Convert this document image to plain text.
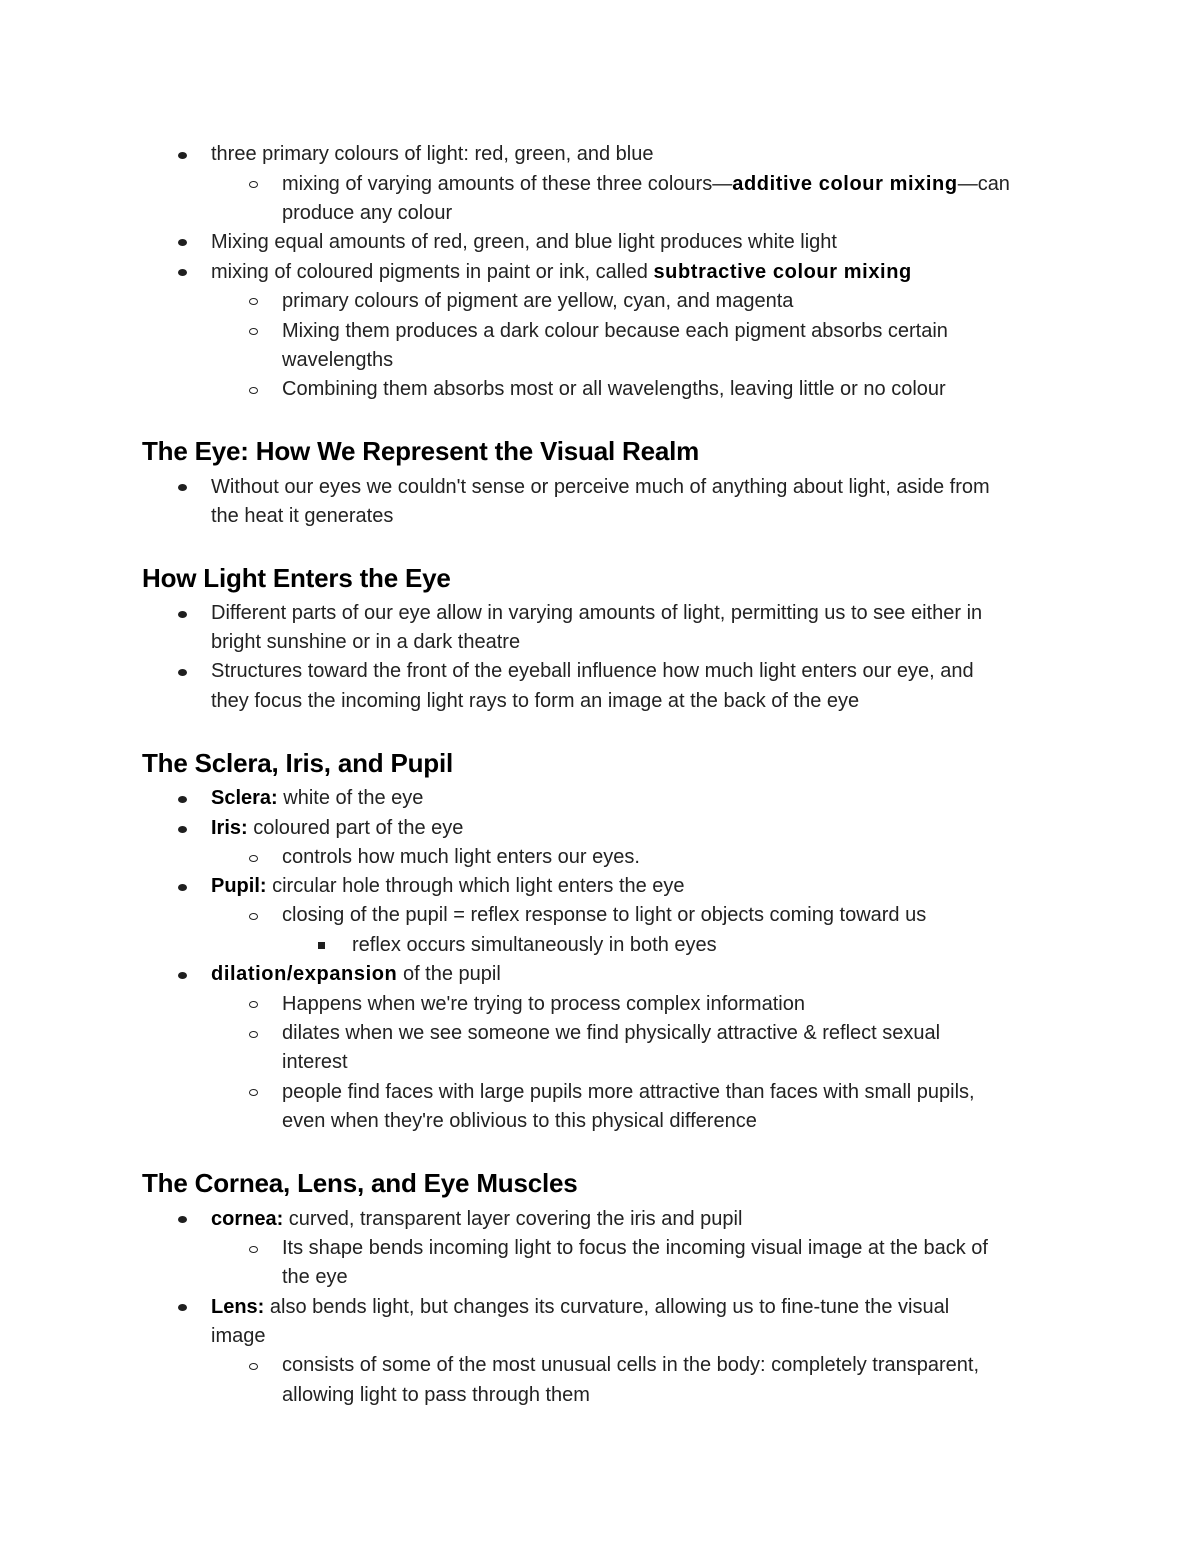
three primary colours of light: red, green, and blue
mixing of varying amounts of these three colours—additive colour mixing—can
produce any colour
Mixing equal amounts of red, green, and blue light produces white light
mixing of coloured pigments in paint or ink, called subtractive colour mixing
primary colours of pigment are yellow, cyan, and magenta
Mixing them produces a dark colour because each pigment absorbs certain
wavelengths
Combining them absorbs most or all wavelengths, leaving little or no colour
The Eye: How We Represent the Visual Realm
Without our eyes we couldn't sense or perceive much of anything about light, aside from
the heat it generates
How Light Enters the Eye
Different parts of our eye allow in varying amounts of light, permitting us to see either in
bright sunshine or in a dark theatre
Structures toward the front of the eyeball influence how much light enters our eye, and
they focus the incoming light rays to form an image at the back of the eye
The Sclera, Iris, and Pupil
Sclera: white of the eye
Iris: coloured part of the eye
controls how much light enters our eyes.
Pupil: circular hole through which light enters the eye
closing of the pupil = reflex response to light or objects coming toward us
reflex occurs simultaneously in both eyes
dilation/expansion of the pupil
Happens when we're trying to process complex information
dilates when we see someone we find physically attractive & reflect sexual
interest
people find faces with large pupils more attractive than faces with small pupils,
even when they're oblivious to this physical difference
The Cornea, Lens, and Eye Muscles
cornea: curved, transparent layer covering the iris and pupil
Its shape bends incoming light to focus the incoming visual image at the back of
the eye
Lens: also bends light, but changes its curvature, allowing us to fine-tune the visual
image
consists of some of the most unusual cells in the body: completely transparent,
allowing light to pass through them
